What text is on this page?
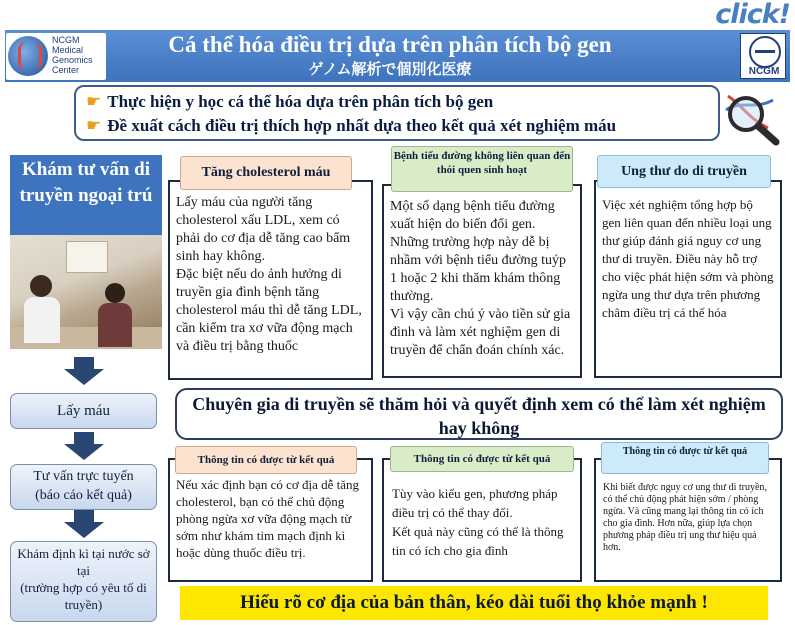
click!
NCGM
Medical
Genomics
Center
Cá thể hóa điều trị dựa trên phân tích bộ gen
ゲノム解析で個別化医療	NCGM
☛ Thực hiện y học cá thể hóa dựa trên phân tích bộ gen
☛ Đề xuất cách điều trị thích hợp nhất dựa theo kết quả xét nghiệm máu
Khám tư vấn di truyền ngoại trú
Lấy máu
Tư vấn trực tuyến
(báo cáo kết quả)
Khám định kì tại nước sở tại
(trường hợp có yêu tố di truyền)
Lấy máu của người tăng cholesterol xấu LDL, xem có phải do cơ địa dễ tăng cao bẩm sinh hay không.
Đặc biệt nếu do ảnh hưởng di truyền gia đình bệnh tăng cholesterol máu thì dễ tăng LDL, cần kiểm tra xơ vữa động mạch và điều trị bằng thuốc
Tăng cholesterol máu
Một số dạng bệnh tiểu đường xuất hiện do biến đổi gen. Những trường hợp này dễ bị nhầm với bệnh tiểu đường tuýp 1 hoặc 2 khi thăm khám thông thường.
Vì vậy cần chú ý vào tiền sử gia đình và làm xét nghiệm gen di truyền để chẩn đoán chính xác.
Bệnh tiểu đường không liên quan đến thói quen sinh hoạt
Việc xét nghiệm tổng hợp bộ gen liên quan đến nhiều loại ung thư giúp đánh giá nguy cơ ung thư di truyền. Điều này hỗ trợ cho việc phát hiện sớm và phòng ngừa ung thư dựa trên phương châm điều trị cá thể hóa
Ung thư do di truyền
Chuyên gia di truyền sẽ thăm hỏi và quyết định xem có thể làm xét nghiệm hay không
Nếu xác định bạn có cơ địa dễ tăng cholesterol, bạn có thể chủ động phòng ngừa xơ vữa động mạch từ sớm như khám tim mạch định kì hoặc dùng thuốc điều trị.
Thông tin có được từ kết quả
Tùy vào kiểu gen, phương pháp điều trị có thể thay đổi.
Kết quả này cũng có thể là thông tin có ích cho gia đình
Thông tin có được từ kết quả
Khi biết được nguy cơ ung thư di truyền, có thể chủ động phát hiện sớm / phòng ngừa. Và cũng mang lại thông tin có ích cho gia đình. Hơn nữa, giúp lựa chọn phương pháp điều trị ung thư hiệu quả hơn.
Thông tin có được từ kết quả
Hiểu rõ cơ địa của bản thân, kéo dài tuổi thọ khỏe mạnh !
